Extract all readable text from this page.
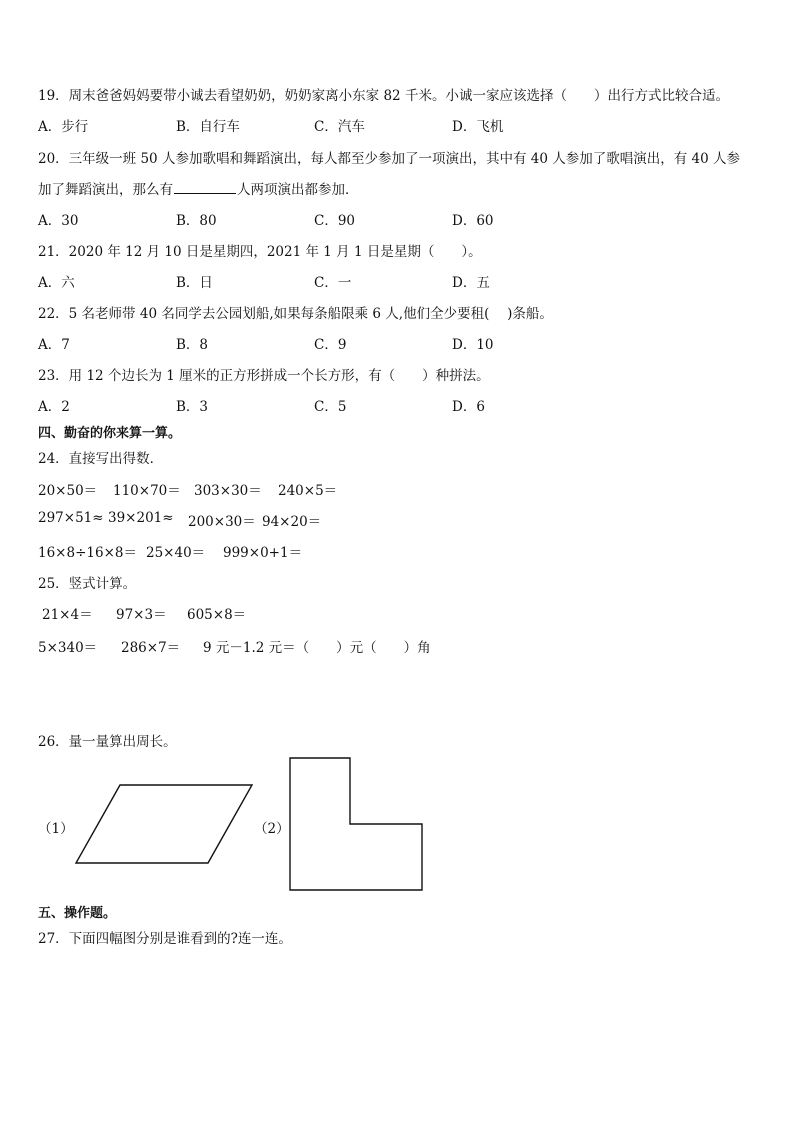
19．周末爸爸妈妈要带小诚去看望奶奶，奶奶家离小东家 82 千米。小诚一家应该选择（　　）出行方式比较合适。
A．步行	B．自行车	C．汽车	D．飞机
20．三年级一班 50 人参加歌唱和舞蹈演出，每人都至少参加了一项演出，其中有 40 人参加了歌唱演出，有 40 人参
加了舞蹈演出，那么有	人两项演出都参加．
A．30	B．80	C．90	D．60
21．2020 年 12 月 10 日是星期四，2021 年 1 月 1 日是星期（　　）。
A．六	B．日	C．一	D．五
22．5 名老师带 40 名同学去公园划船,如果每条船限乘 6 人,他们全少要租(　 )条船。
A．7	B．8	C．9	D．10
23．用 12 个边长为 1 厘米的正方形拼成一个长方形，有（　　）种拼法。
A．2	B．3	C．5	D．6
四、勤奋的你来算一算。
24．直接写出得数．
20×50＝ 110×70＝ 303×30＝ 240×5＝
297×51≈ 39×201≈ 200×30＝ 94×20＝
16×8÷16×8＝ 25×40＝ 999×0+1＝
25．竖式计算。
21×4＝ 97×3＝ 605×8＝
5×340＝ 286×7＝ 9 元－1.2 元＝（　　）元（　　）角
26．量一量算出周长。
（1）	（2）
五、操作题。
27．下面四幅图分别是谁看到的?连一连。
